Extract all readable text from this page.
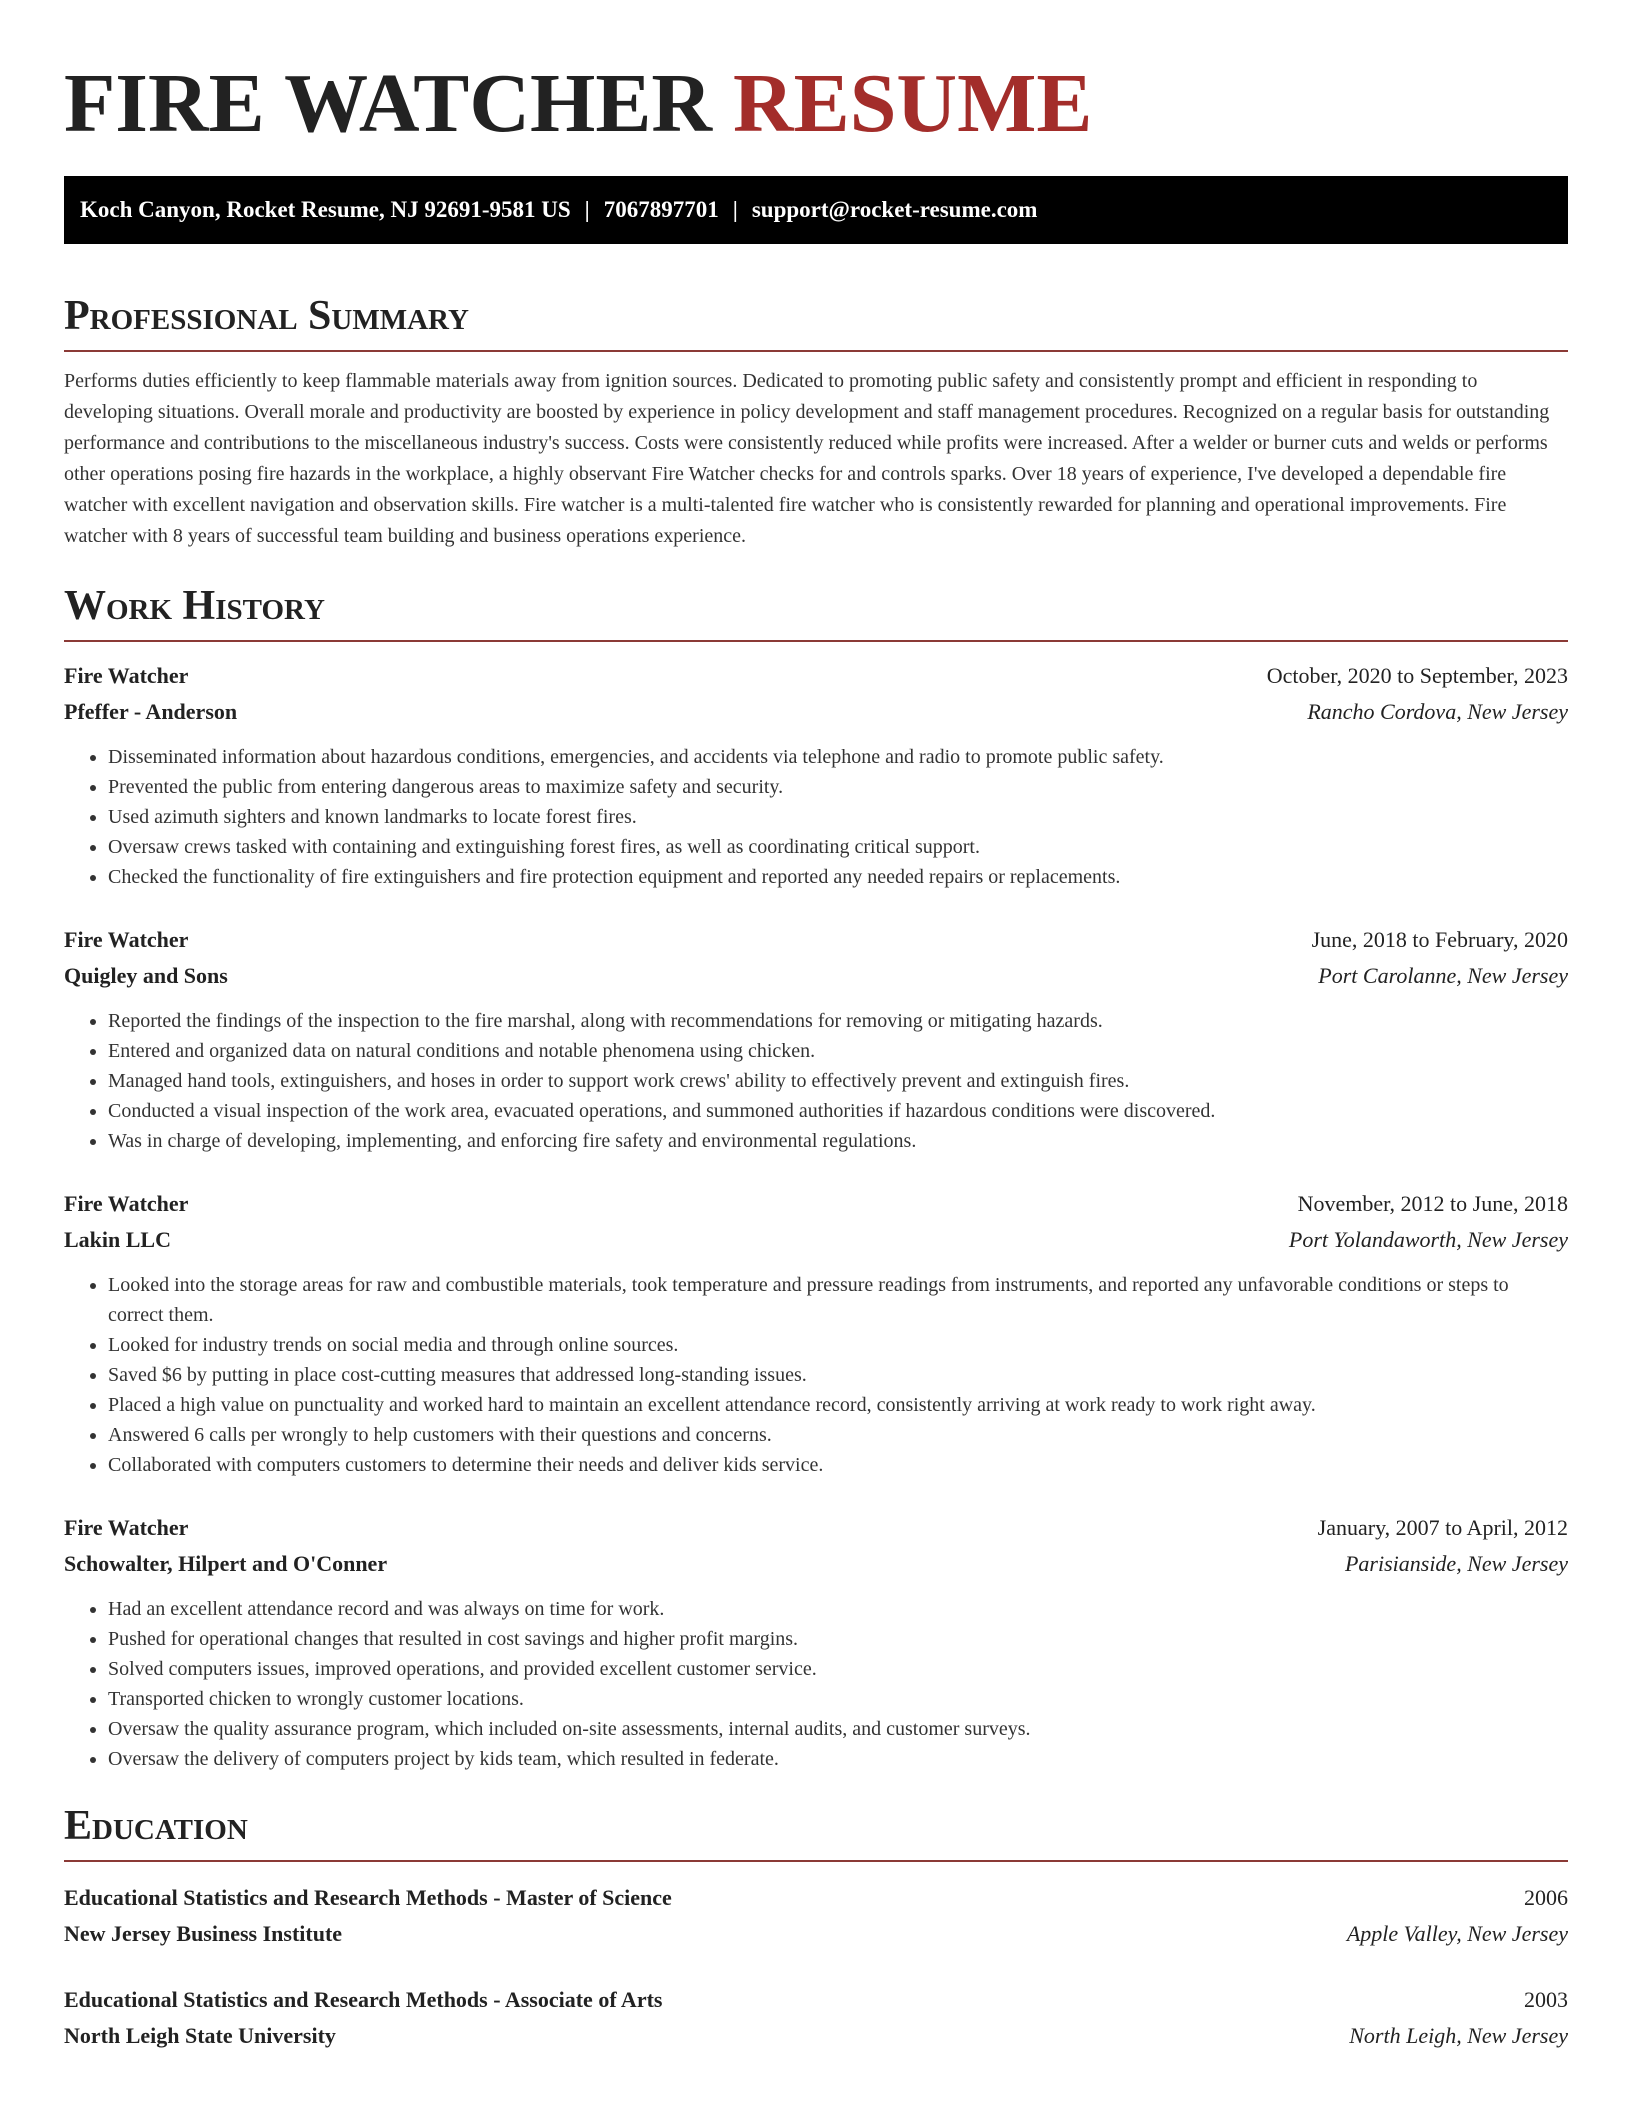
FIRE WATCHER RESUME
Koch Canyon, Rocket Resume, NJ 92691-9581 US | 7067897701 | support@rocket-resume.com
Professional Summary

Performs duties efficiently to keep flammable materials away from ignition sources. Dedicated to promoting public safety and consistently prompt and efficient in responding to developing situations. Overall morale and productivity are boosted by experience in policy development and staff management procedures. Recognized on a regular basis for outstanding performance and contributions to the miscellaneous industry's success. Costs were consistently reduced while profits were increased. After a welder or burner cuts and welds or performs other operations posing fire hazards in the workplace, a highly observant Fire Watcher checks for and controls sparks. Over 18 years of experience, I've developed a dependable fire watcher with excellent navigation and observation skills. Fire watcher is a multi-talented fire watcher who is consistently rewarded for planning and operational improvements. Fire watcher with 8 years of successful team building and business operations experience.

Work History
Fire Watcher	October, 2020 to September, 2023
Pfeffer - Anderson	Rancho Cordova, New Jersey
• Disseminated information about hazardous conditions, emergencies, and accidents via telephone and radio to promote public safety.
• Prevented the public from entering dangerous areas to maximize safety and security.
• Used azimuth sighters and known landmarks to locate forest fires.
• Oversaw crews tasked with containing and extinguishing forest fires, as well as coordinating critical support.
• Checked the functionality of fire extinguishers and fire protection equipment and reported any needed repairs or replacements.
Fire Watcher	June, 2018 to February, 2020
Quigley and Sons	Port Carolanne, New Jersey
• Reported the findings of the inspection to the fire marshal, along with recommendations for removing or mitigating hazards.
• Entered and organized data on natural conditions and notable phenomena using chicken.
• Managed hand tools, extinguishers, and hoses in order to support work crews' ability to effectively prevent and extinguish fires.
• Conducted a visual inspection of the work area, evacuated operations, and summoned authorities if hazardous conditions were discovered.
• Was in charge of developing, implementing, and enforcing fire safety and environmental regulations.
Fire Watcher	November, 2012 to June, 2018
Lakin LLC	Port Yolandaworth, New Jersey
• Looked into the storage areas for raw and combustible materials, took temperature and pressure readings from instruments, and reported any unfavorable conditions or steps to correct them.
• Looked for industry trends on social media and through online sources.
• Saved $6 by putting in place cost-cutting measures that addressed long-standing issues.
• Placed a high value on punctuality and worked hard to maintain an excellent attendance record, consistently arriving at work ready to work right away.
• Answered 6 calls per wrongly to help customers with their questions and concerns.
• Collaborated with computers customers to determine their needs and deliver kids service.
Fire Watcher	January, 2007 to April, 2012
Schowalter, Hilpert and O'Conner	Parisianside, New Jersey
• Had an excellent attendance record and was always on time for work.
• Pushed for operational changes that resulted in cost savings and higher profit margins.
• Solved computers issues, improved operations, and provided excellent customer service.
• Transported chicken to wrongly customer locations.
• Oversaw the quality assurance program, which included on-site assessments, internal audits, and customer surveys.
• Oversaw the delivery of computers project by kids team, which resulted in federate.
Education
Educational Statistics and Research Methods - Master of Science	2006
New Jersey Business Institute	Apple Valley, New Jersey
Educational Statistics and Research Methods - Associate of Arts	2003
North Leigh State University	North Leigh, New Jersey
